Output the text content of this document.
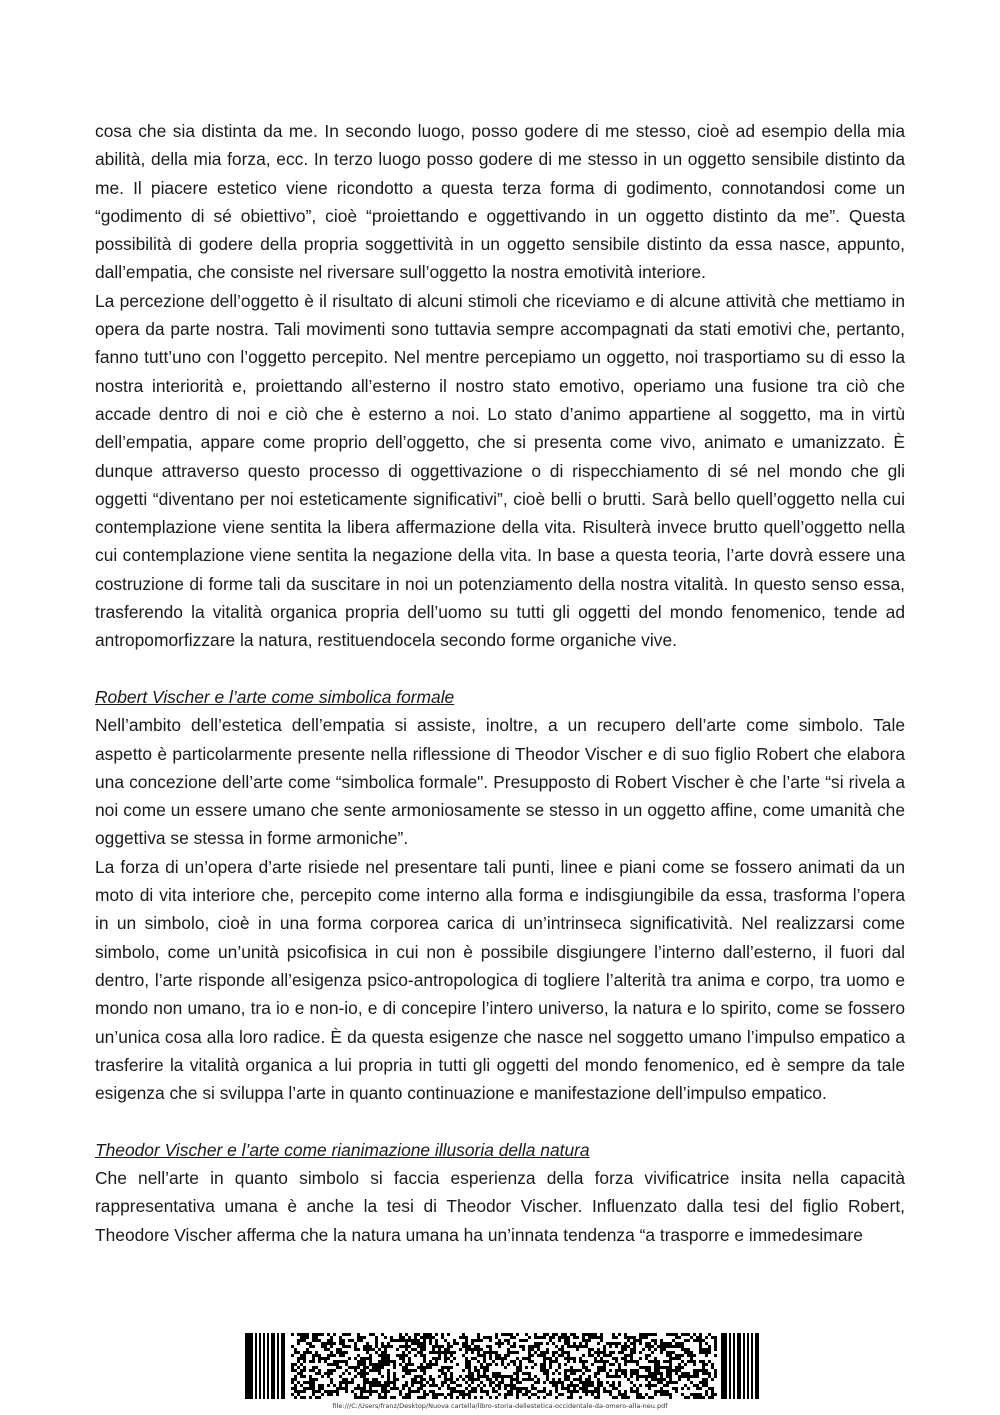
cosa che sia distinta da me. In secondo luogo, posso godere di me stesso, cioè ad esempio della mia abilità, della mia forza, ecc. In terzo luogo posso godere di me stesso in un oggetto sensibile distinto da me. Il piacere estetico viene ricondotto a questa terza forma di godimento, connotandosi come un “godimento di sé obiettivo”, cioè “proiettando e oggettivando in un oggetto distinto da me”. Questa possibilità di godere della propria soggettività in un oggetto sensibile distinto da essa nasce, appunto, dall’empatia, che consiste nel riversare sull’oggetto la nostra emotività interiore.

La percezione dell’oggetto è il risultato di alcuni stimoli che riceviamo e di alcune attività che mettiamo in opera da parte nostra. Tali movimenti sono tuttavia sempre accompagnati da stati emotivi che, pertanto, fanno tutt’uno con l’oggetto percepito. Nel mentre percepiamo un oggetto, noi trasportiamo su di esso la nostra interiorità e, proiettando all’esterno il nostro stato emotivo, operiamo una fusione tra ciò che accade dentro di noi e ciò che è esterno a noi. Lo stato d’animo appartiene al soggetto, ma in virtù dell’empatia, appare come proprio dell’oggetto, che si presenta come vivo, animato e umanizzato. È dunque attraverso questo processo di oggettivazione o di rispecchiamento di sé nel mondo che gli oggetti “diventano per noi esteticamente significativi”, cioè belli o brutti. Sarà bello quell’oggetto nella cui contemplazione viene sentita la libera affermazione della vita. Risulterà invece brutto quell’oggetto nella cui contemplazione viene sentita la negazione della vita. In base a questa teoria, l’arte dovrà essere una costruzione di forme tali da suscitare in noi un potenziamento della nostra vitalità. In questo senso essa, trasferendo la vitalità organica propria dell’uomo su tutti gli oggetti del mondo fenomenico, tende ad antropomorfizzare la natura, restituendocela secondo forme organiche vive.

Robert Vischer e l’arte come simbolica formale

Nell’ambito dell’estetica dell’empatia si assiste, inoltre, a un recupero dell’arte come simbolo. Tale aspetto è particolarmente presente nella riflessione di Theodor Vischer e di suo figlio Robert che elabora una concezione dell’arte come “simbolica formale". Presupposto di Robert Vischer è che l’arte “si rivela a noi come un essere umano che sente armoniosamente se stesso in un oggetto affine, come umanità che oggettiva se stessa in forme armoniche”.

La forza di un’opera d’arte risiede nel presentare tali punti, linee e piani come se fossero animati da un moto di vita interiore che, percepito come interno alla forma e indisgiungibile da essa, trasforma l’opera in un simbolo, cioè in una forma corporea carica di un’intrinseca significatività. Nel realizzarsi come simbolo, come un’unità psicofisica in cui non è possibile disgiungere l’interno dall’esterno, il fuori dal dentro, l’arte risponde all’esigenza psico-antropologica di togliere l’alterità tra anima e corpo, tra uomo e mondo non umano, tra io e non-io, e di concepire l’intero universo, la natura e lo spirito, come se fossero un’unica cosa alla loro radice. È da questa esigenze che nasce nel soggetto umano l’impulso empatico a trasferire la vitalità organica a lui propria in tutti gli oggetti del mondo fenomenico, ed è sempre da tale esigenza che si sviluppa l’arte in quanto continuazione e manifestazione dell’impulso empatico.

Theodor Vischer e l’arte come rianimazione illusoria della natura

Che nell’arte in quanto simbolo si faccia esperienza della forza vivificatrice insita nella capacità rappresentativa umana è anche la tesi di Theodor Vischer. Influenzato dalla tesi del figlio Robert, Theodore Vischer afferma che la natura umana ha un’innata tendenza “a trasporre e immedesimare

file:///C:/Users/franz/Desktop/Nuova cartella/libro-storia-dellestetica-occidentale-da-omero-alla-neu.pdf
